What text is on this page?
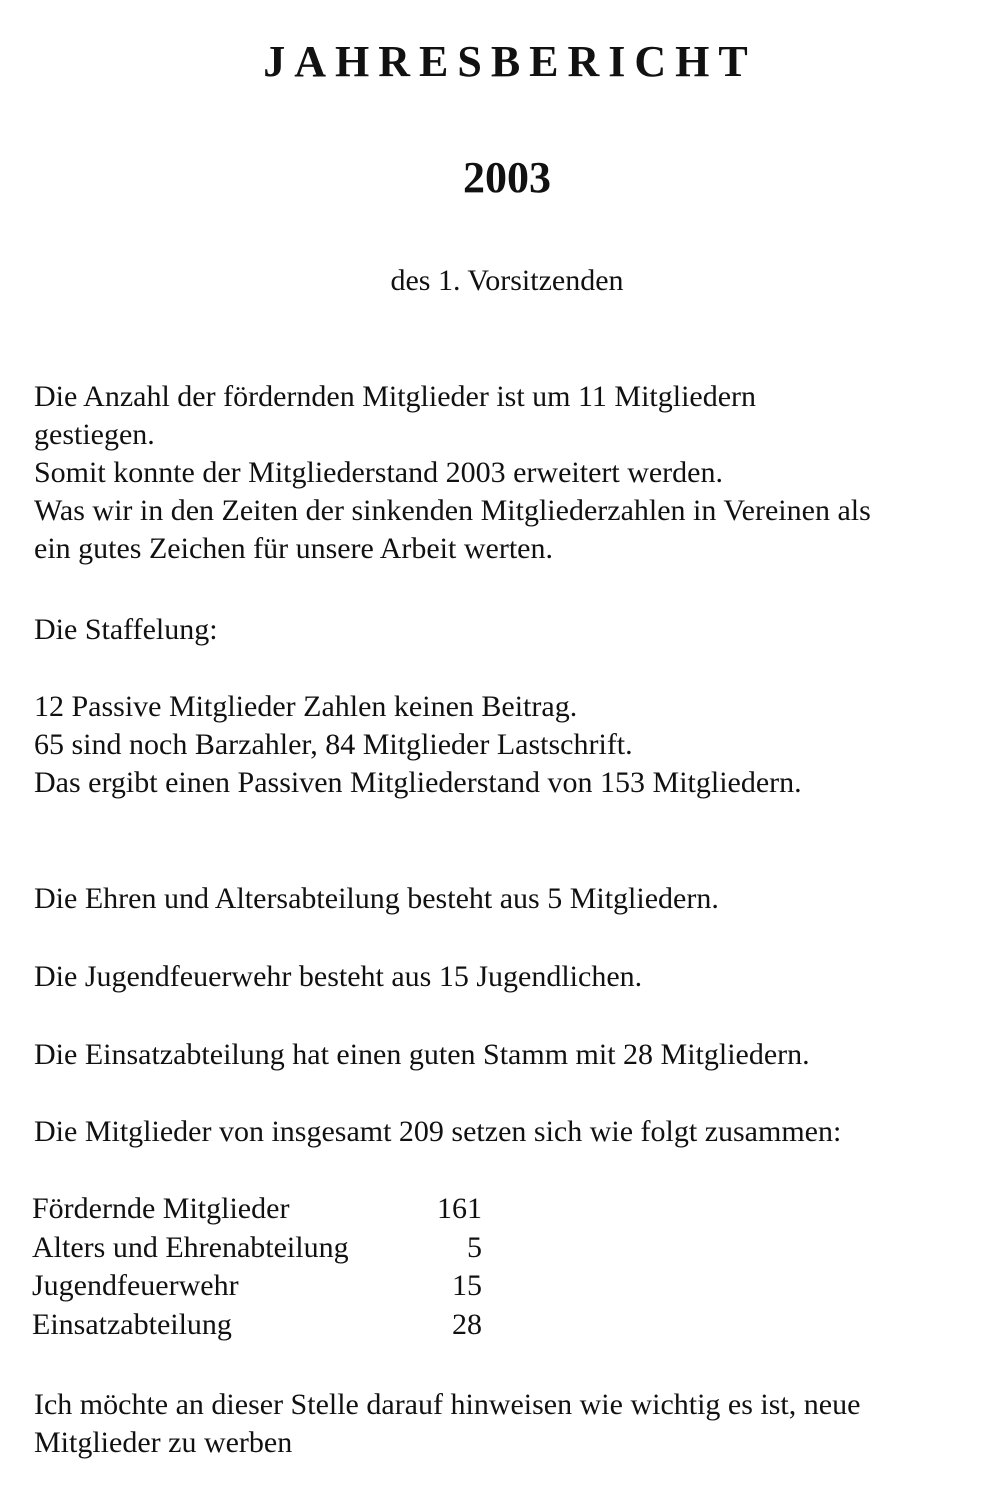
JAHRESBERICHT
2003

des 1. Vorsitzenden

Die Anzahl der fördernden Mitglieder ist um 11 Mitgliedern
gestiegen.
Somit konnte der Mitgliederstand 2003 erweitert werden.
Was wir in den Zeiten der sinkenden Mitgliederzahlen in Vereinen als
ein gutes Zeichen für unsere Arbeit werten.
Die Staffelung:
12 Passive Mitglieder Zahlen keinen Beitrag.
65 sind noch Barzahler, 84 Mitglieder Lastschrift.
Das ergibt einen Passiven Mitgliederstand von 153 Mitgliedern.
Die Ehren und Altersabteilung besteht aus 5 Mitgliedern.
Die Jugendfeuerwehr besteht aus 15 Jugendlichen.
Die Einsatzabteilung hat einen guten Stamm mit 28 Mitgliedern.
Die Mitglieder von insgesamt 209 setzen sich wie folgt zusammen:
Fördernde Mitglieder	161
Alters und Ehrenabteilung	5
Jugendfeuerwehr	15
Einsatzabteilung	28
Ich möchte an dieser Stelle darauf hinweisen wie wichtig es ist, neue
Mitglieder zu werben
